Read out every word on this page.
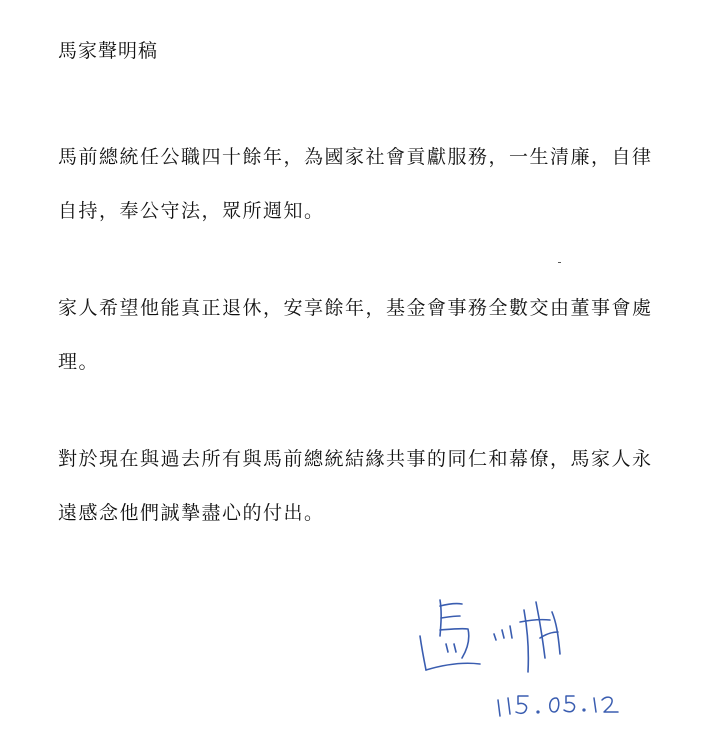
馬家聲明稿
馬前總統任公職四十餘年，為國家社會貢獻服務，一生清廉，自律
自持，奉公守法，眾所週知。
家人希望他能真正退休，安享餘年，基金會事務全數交由董事會處
理。
對於現在與過去所有與馬前總統結緣共事的同仁和幕僚，馬家人永
遠感念他們誠摯盡心的付出。
